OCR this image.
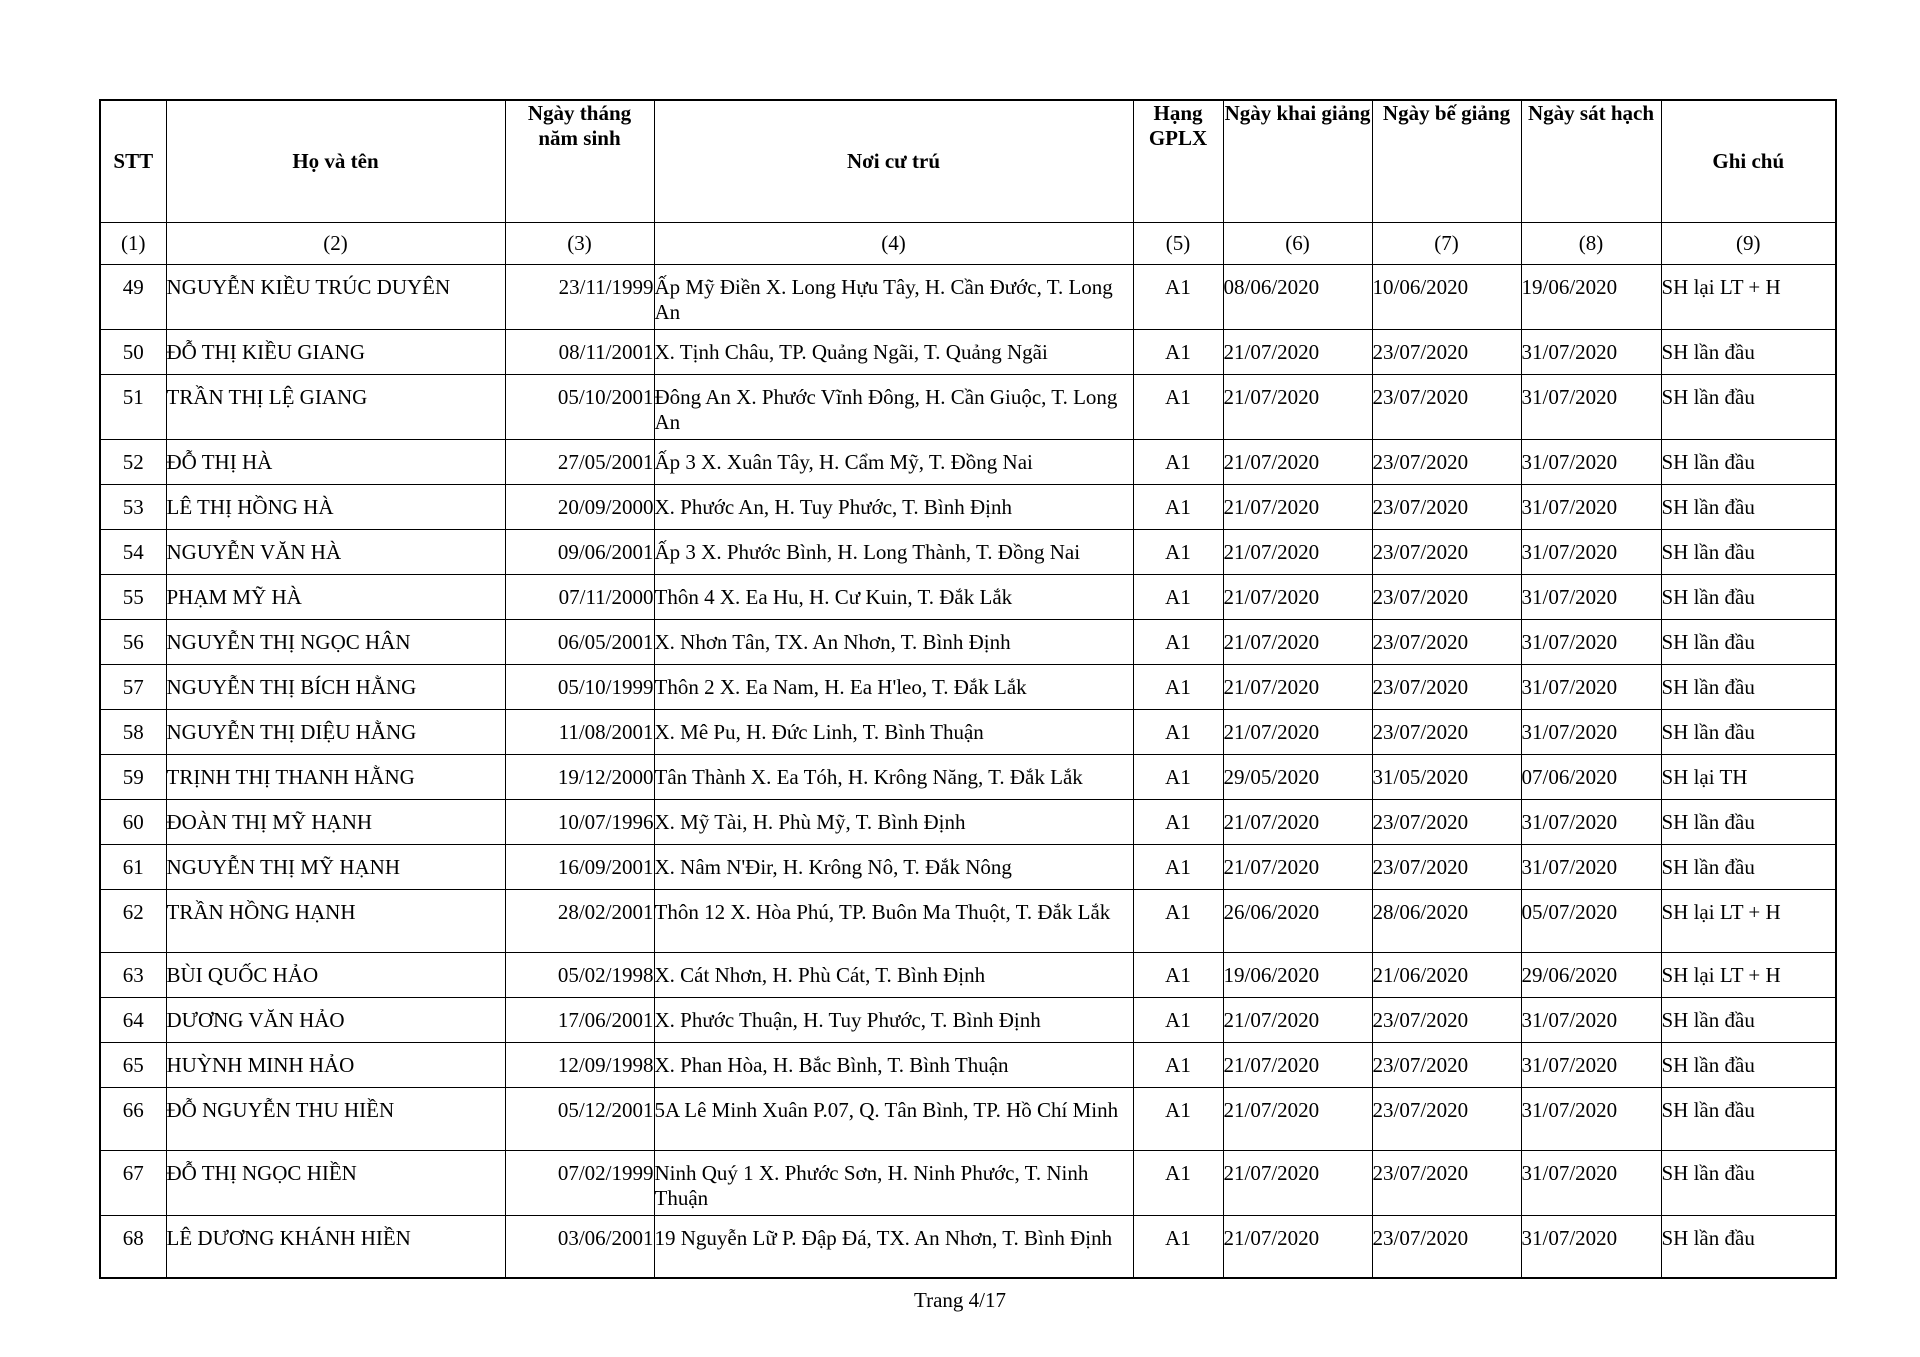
STT	Họ và tên	Ngày tháng năm sinh	Nơi cư trú	Hạng GPLX	Ngày khai giảng	Ngày bế giảng	Ngày sát hạch	Ghi chú
(1)	(2)	(3)	(4)	(5)	(6)	(7)	(8)	(9)
49	NGUYỄN KIỀU TRÚC DUYÊN	23/11/1999	Ấp Mỹ Điền X. Long Hựu Tây, H. Cần Đước, T. Long An	A1	08/06/2020	10/06/2020	19/06/2020	SH lại LT + H
50	ĐỖ THỊ KIỀU GIANG	08/11/2001	X. Tịnh Châu, TP. Quảng Ngãi, T. Quảng Ngãi	A1	21/07/2020	23/07/2020	31/07/2020	SH lần đầu
51	TRẦN THỊ LỆ GIANG	05/10/2001	Đông An X. Phước Vĩnh Đông, H. Cần Giuộc, T. Long An	A1	21/07/2020	23/07/2020	31/07/2020	SH lần đầu
52	ĐỖ THỊ HÀ	27/05/2001	Ấp 3 X. Xuân Tây, H. Cẩm Mỹ, T. Đồng Nai	A1	21/07/2020	23/07/2020	31/07/2020	SH lần đầu
53	LÊ THỊ HỒNG HÀ	20/09/2000	X. Phước An, H. Tuy Phước, T. Bình Định	A1	21/07/2020	23/07/2020	31/07/2020	SH lần đầu
54	NGUYỄN VĂN HÀ	09/06/2001	Ấp 3 X. Phước Bình, H. Long Thành, T. Đồng Nai	A1	21/07/2020	23/07/2020	31/07/2020	SH lần đầu
55	PHẠM MỸ HÀ	07/11/2000	Thôn 4 X. Ea Hu, H. Cư Kuin, T. Đắk Lắk	A1	21/07/2020	23/07/2020	31/07/2020	SH lần đầu
56	NGUYỄN THỊ NGỌC HÂN	06/05/2001	X. Nhơn Tân, TX. An Nhơn, T. Bình Định	A1	21/07/2020	23/07/2020	31/07/2020	SH lần đầu
57	NGUYỄN THỊ BÍCH HẰNG	05/10/1999	Thôn 2 X. Ea Nam, H. Ea H'leo, T. Đắk Lắk	A1	21/07/2020	23/07/2020	31/07/2020	SH lần đầu
58	NGUYỄN THỊ DIỆU HẰNG	11/08/2001	X. Mê Pu, H. Đức Linh, T. Bình Thuận	A1	21/07/2020	23/07/2020	31/07/2020	SH lần đầu
59	TRỊNH THỊ THANH HẰNG	19/12/2000	Tân Thành X. Ea Tóh, H. Krông Năng, T. Đắk Lắk	A1	29/05/2020	31/05/2020	07/06/2020	SH lại TH
60	ĐOÀN THỊ MỸ HẠNH	10/07/1996	X. Mỹ Tài, H. Phù Mỹ, T. Bình Định	A1	21/07/2020	23/07/2020	31/07/2020	SH lần đầu
61	NGUYỄN THỊ MỸ HẠNH	16/09/2001	X. Nâm N'Đir, H. Krông Nô, T. Đắk Nông	A1	21/07/2020	23/07/2020	31/07/2020	SH lần đầu
62	TRẦN HỒNG HẠNH	28/02/2001	Thôn 12 X. Hòa Phú, TP. Buôn Ma Thuột, T. Đắk Lắk	A1	26/06/2020	28/06/2020	05/07/2020	SH lại LT + H
63	BÙI QUỐC HẢO	05/02/1998	X. Cát Nhơn, H. Phù Cát, T. Bình Định	A1	19/06/2020	21/06/2020	29/06/2020	SH lại LT + H
64	DƯƠNG VĂN HẢO	17/06/2001	X. Phước Thuận, H. Tuy Phước, T. Bình Định	A1	21/07/2020	23/07/2020	31/07/2020	SH lần đầu
65	HUỲNH MINH HẢO	12/09/1998	X. Phan Hòa, H. Bắc Bình, T. Bình Thuận	A1	21/07/2020	23/07/2020	31/07/2020	SH lần đầu
66	ĐỖ NGUYỄN THU HIỀN	05/12/2001	5A Lê Minh Xuân P.07, Q. Tân Bình, TP. Hồ Chí Minh	A1	21/07/2020	23/07/2020	31/07/2020	SH lần đầu
67	ĐỖ THỊ NGỌC HIỀN	07/02/1999	Ninh Quý 1 X. Phước Sơn, H. Ninh Phước, T. Ninh Thuận	A1	21/07/2020	23/07/2020	31/07/2020	SH lần đầu
68	LÊ DƯƠNG KHÁNH HIỀN	03/06/2001	19 Nguyễn Lữ P. Đập Đá, TX. An Nhơn, T. Bình Định	A1	21/07/2020	23/07/2020	31/07/2020	SH lần đầu
Trang 4/17
